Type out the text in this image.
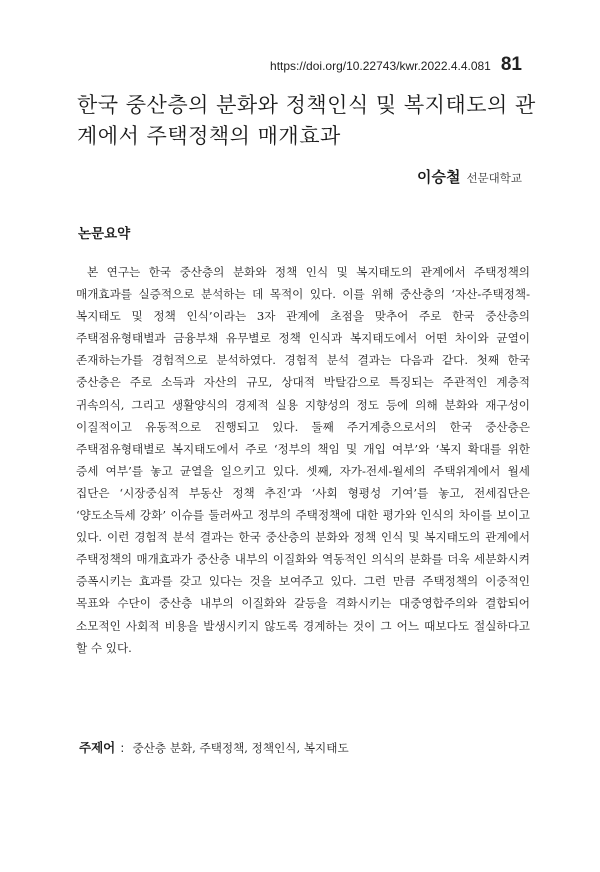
https://doi.org/10.22743/kwr.2022.4.4.081 81
한국 중산층의 분화와 정책인식 및 복지태도의 관계에서 주택정책의 매개효과
이승철 선문대학교
논문요약

본 연구는 한국 중산층의 분화와 정책 인식 및 복지태도의 관계에서 주택정책의 매개효과를 실증적으로 분석하는 데 목적이 있다. 이를 위해 중산층의 ‘자산-주택정책-복지태도 및 정책 인식’이라는 3자 관계에 초점을 맞추어 주로 한국 중산층의 주택점유형태별과 금융부채 유무별로 정책 인식과 복지태도에서 어떤 차이와 균열이 존재하는가를 경험적으로 분석하였다. 경험적 분석 결과는 다음과 같다. 첫째 한국 중산층은 주로 소득과 자산의 규모, 상대적 박탈감으로 특징되는 주관적인 계층적 귀속의식, 그리고 생활양식의 경제적 실용 지향성의 정도 등에 의해 분화와 재구성이 이질적이고 유동적으로 진행되고 있다. 둘째 주거계층으로서의 한국 중산층은 주택점유형태별로 복지태도에서 주로 ‘정부의 책임 및 개입 여부’와 ‘복지 확대를 위한 증세 여부’를 놓고 균열을 일으키고 있다. 셋째, 자가-전세-월세의 주택위계에서 월세 집단은 ‘시장중심적 부동산 정책 추진’과 ‘사회 형평성 기여’를 놓고, 전세집단은 ‘양도소득세 강화’ 이슈를 둘러싸고 정부의 주택정책에 대한 평가와 인식의 차이를 보이고 있다. 이런 경험적 분석 결과는 한국 중산층의 분화와 정책 인식 및 복지태도의 관계에서 주택정책의 매개효과가 중산층 내부의 이질화와 역동적인 의식의 분화를 더욱 세분화시켜 증폭시키는 효과를 갖고 있다는 것을 보여주고 있다. 그런 만큼 주택정책의 이중적인 목표와 수단이 중산층 내부의 이질화와 갈등을 격화시키는 대중영합주의와 결합되어 소모적인 사회적 비용을 발생시키지 않도록 경계하는 것이 그 어느 때보다도 절실하다고 할 수 있다.

주제어 : 중산층 분화, 주택정책, 정책인식, 복지태도
